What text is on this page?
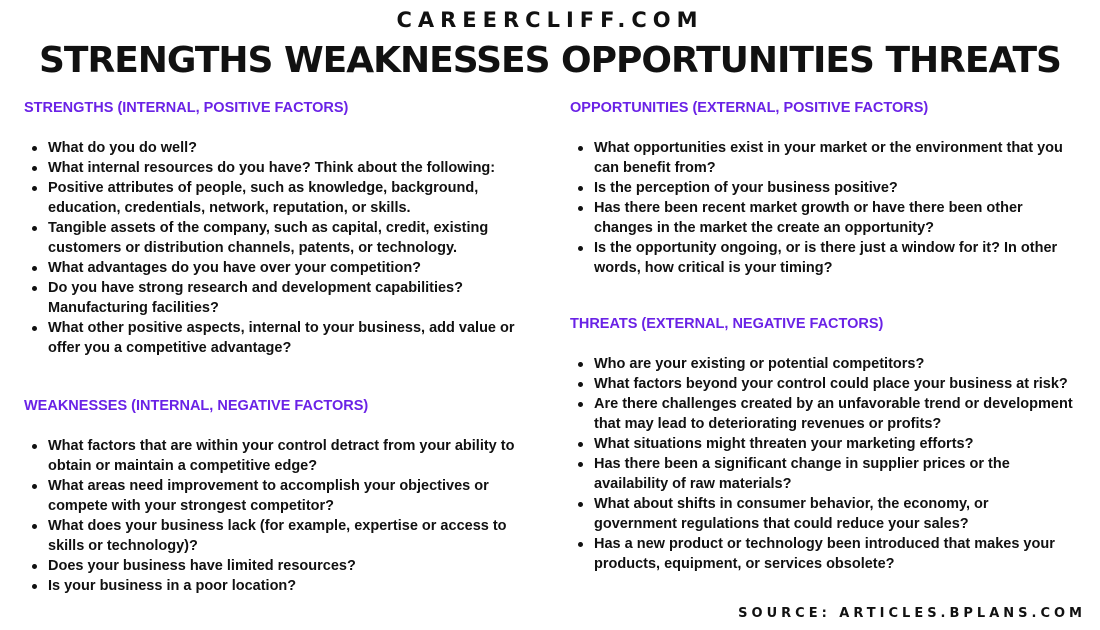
CAREERCLIFF.COM
STRENGTHS WEAKNESSES OPPORTUNITIES THREATS
STRENGTHS (INTERNAL, POSITIVE FACTORS)
What do you do well?
What internal resources do you have? Think about the following:
Positive attributes of people, such as knowledge, background, education, credentials, network, reputation, or skills.
Tangible assets of the company, such as capital, credit, existing customers or distribution channels, patents, or technology.
What advantages do you have over your competition?
Do you have strong research and development capabilities? Manufacturing facilities?
What other positive aspects, internal to your business, add value or offer you a competitive advantage?
WEAKNESSES (INTERNAL, NEGATIVE FACTORS)
What factors that are within your control detract from your ability to obtain or maintain a competitive edge?
What areas need improvement to accomplish your objectives or compete with your strongest competitor?
What does your business lack (for example, expertise or access to skills or technology)?
Does your business have limited resources?
Is your business in a poor location?
OPPORTUNITIES (EXTERNAL, POSITIVE FACTORS)
What opportunities exist in your market or the environment that you can benefit from?
Is the perception of your business positive?
Has there been recent market growth or have there been other changes in the market the create an opportunity?
Is the opportunity ongoing, or is there just a window for it? In other words, how critical is your timing?
THREATS (EXTERNAL, NEGATIVE FACTORS)
Who are your existing or potential competitors?
What factors beyond your control could place your business at risk?
Are there challenges created by an unfavorable trend or development that may lead to deteriorating revenues or profits?
What situations might threaten your marketing efforts?
Has there been a significant change in supplier prices or the availability of raw materials?
What about shifts in consumer behavior, the economy, or government regulations that could reduce your sales?
Has a new product or technology been introduced that makes your products, equipment, or services obsolete?
SOURCE: ARTICLES.BPLANS.COM
